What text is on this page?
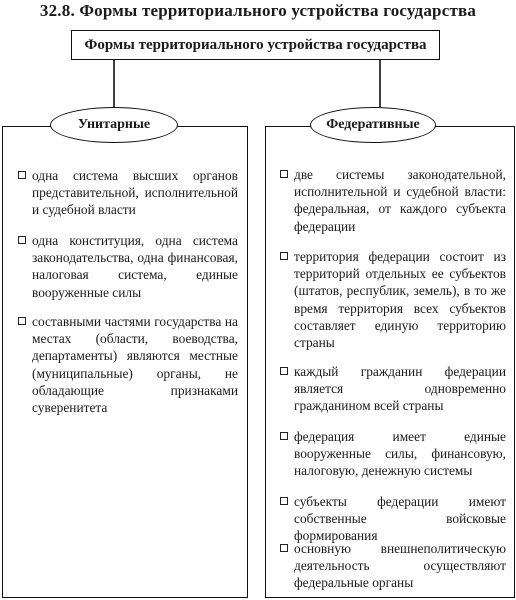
32.8. Формы территориального устройства государства
Формы территориального устройства государства
Унитарные	Федеративные
одна система высших органов представительной, исполнительной и судебной власти
одна конституция, одна система законодательства, одна финансовая, налоговая система, единые вооруженные силы
составными частями государства на местах (области, воеводства, департаменты) являются местные (муниципальные) органы, не обладающие признаками суверенитета
две системы законодательной, исполнительной и судебной власти: федеральная, от каждого субъекта федерации
территория федерации состоит из территорий отдельных ее субъектов (штатов, республик, земель), в то же время территория всех субъектов составляет единую территорию страны
каждый гражданин федерации является одновременно гражданином всей страны
федерация имеет единые вооруженные силы, финансовую, налоговую, денежную системы
субъекты федерации имеют собственные войсковые формирования
основную внешнеполитическую деятельность осуществляют федеральные органы
